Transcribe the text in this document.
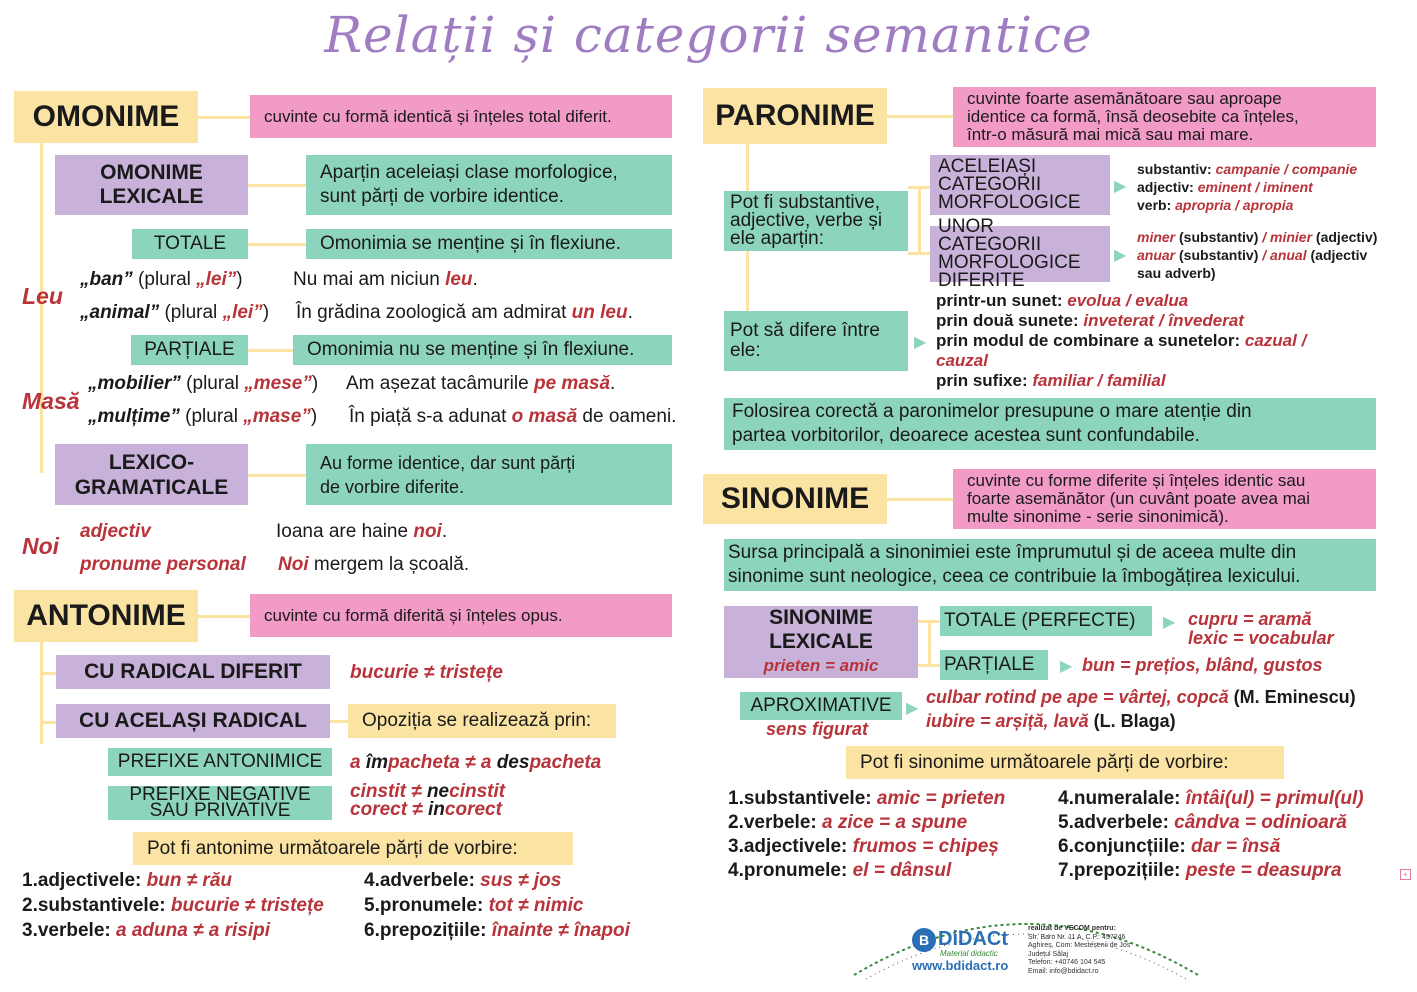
Relații și categorii semantice
OMONIME	cuvinte cu formă identică și înțeles total diferit.
OMONIME
LEXICALE
Aparțin aceleiași clase morfologice,
sunt părți de vorbire identice.
TOTALE	Omonimia se menține și în flexiune.
Leu
„ban” (plural „lei”)	Nu mai am niciun leu.
„animal” (plural „lei”) În grădina zoologică am admirat un leu.
PARȚIALE	Omonimia nu se menține și în flexiune.
Masă
„mobilier” (plural „mese”) Am așezat tacâmurile pe masă.
„mulțime” (plural „mase”) În piață s-a adunat o masă de oameni.
LEXICO-
GRAMATICALE
Au forme identice, dar sunt părți
de vorbire diferite.
Noi
adjectiv	Ioana are haine noi.
pronume personal Noi mergem la școală.
ANTONIME	cuvinte cu formă diferită și înțeles opus.
CU RADICAL DIFERIT	bucurie ≠ tristețe
CU ACELAȘI RADICAL	Opoziția se realizează prin:
PREFIXE ANTONIMICE	a împacheta ≠ a despacheta
PREFIXE NEGATIVE
SAU PRIVATIVE
cinstit ≠ necinstit
corect ≠ incorect
Pot fi antonime următoarele părți de vorbire:
1.adjectivele: bun ≠ rău
2.substantivele: bucurie ≠ tristețe
3.verbele: a aduna ≠ a risipi
4.adverbele: sus ≠ jos
5.pronumele: tot ≠ nimic
6.prepozițiile: înainte ≠ înapoi
PARONIME
cuvinte foarte asemănătoare sau aproape
identice ca formă, însă deosebite ca înțeles,
într-o măsură mai mică sau mai mare.
Pot fi substantive,
adjective, verbe și
ele aparțin:
ACELEIAȘI
CATEGORII
MORFOLOGICE
▶
substantiv: campanie / companie
adjectiv: eminent / iminent
verb: apropria / apropia
UNOR CATEGORII
MORFOLOGICE
DIFERITE
▶
miner (substantiv) / minier (adjectiv)
anuar (substantiv) / anual (adjectiv
sau adverb)
Pot să difere între
ele:	▶
printr-un sunet: evolua / evalua
prin două sunete: inveterat / învederat
prin modul de combinare a sunetelor: cazual /
cauzal
prin sufixe: familiar / familial
Folosirea corectă a paronimelor presupune o mare atenție din
partea vorbitorilor, deoarece acestea sunt confundabile.
SINONIME
cuvinte cu forme diferite și înțeles identic sau
foarte asemănător (un cuvânt poate avea mai
multe sinonime - serie sinonimică).
Sursa principală a sinonimiei este împrumutul și de aceea multe din
sinonime sunt neologice, ceea ce contribuie la îmbogățirea lexicului.
SINONIME
LEXICALE
prieten = amic
TOTALE (PERFECTE)	▶ cupru = aramă
lexic = vocabular
PARȚIALE	▶ bun = prețios, blând, gustos
APROXIMATIVE
sens figurat
▶
culbar rotind pe ape = vârtej, copcă (M. Eminescu)
iubire = arșiță, lavă (L. Blaga)
Pot fi sinonime următoarele părți de vorbire:
1.substantivele: amic = prieten
2.verbele: a zice = a spune
3.adjectivele: frumos = chipeș
4.pronumele: el = dânsul
4.numeralale: întâi(ul) = primul(ul)
5.adverbele: cândva = odinioară
6.conjuncțiile: dar = însă
7.prepozițiile: peste = deasupra	+
B DiDACt
Material didactic
www.bdidact.ro
realizat de VECOM pentru:
Str. Baro Nr. 11 A, C.P.: 457246
Aghireș, Com: Mesteșenii de Jos
Județul Sălaj
Telefon: +40746 104 545
Email: info@bdidact.ro
